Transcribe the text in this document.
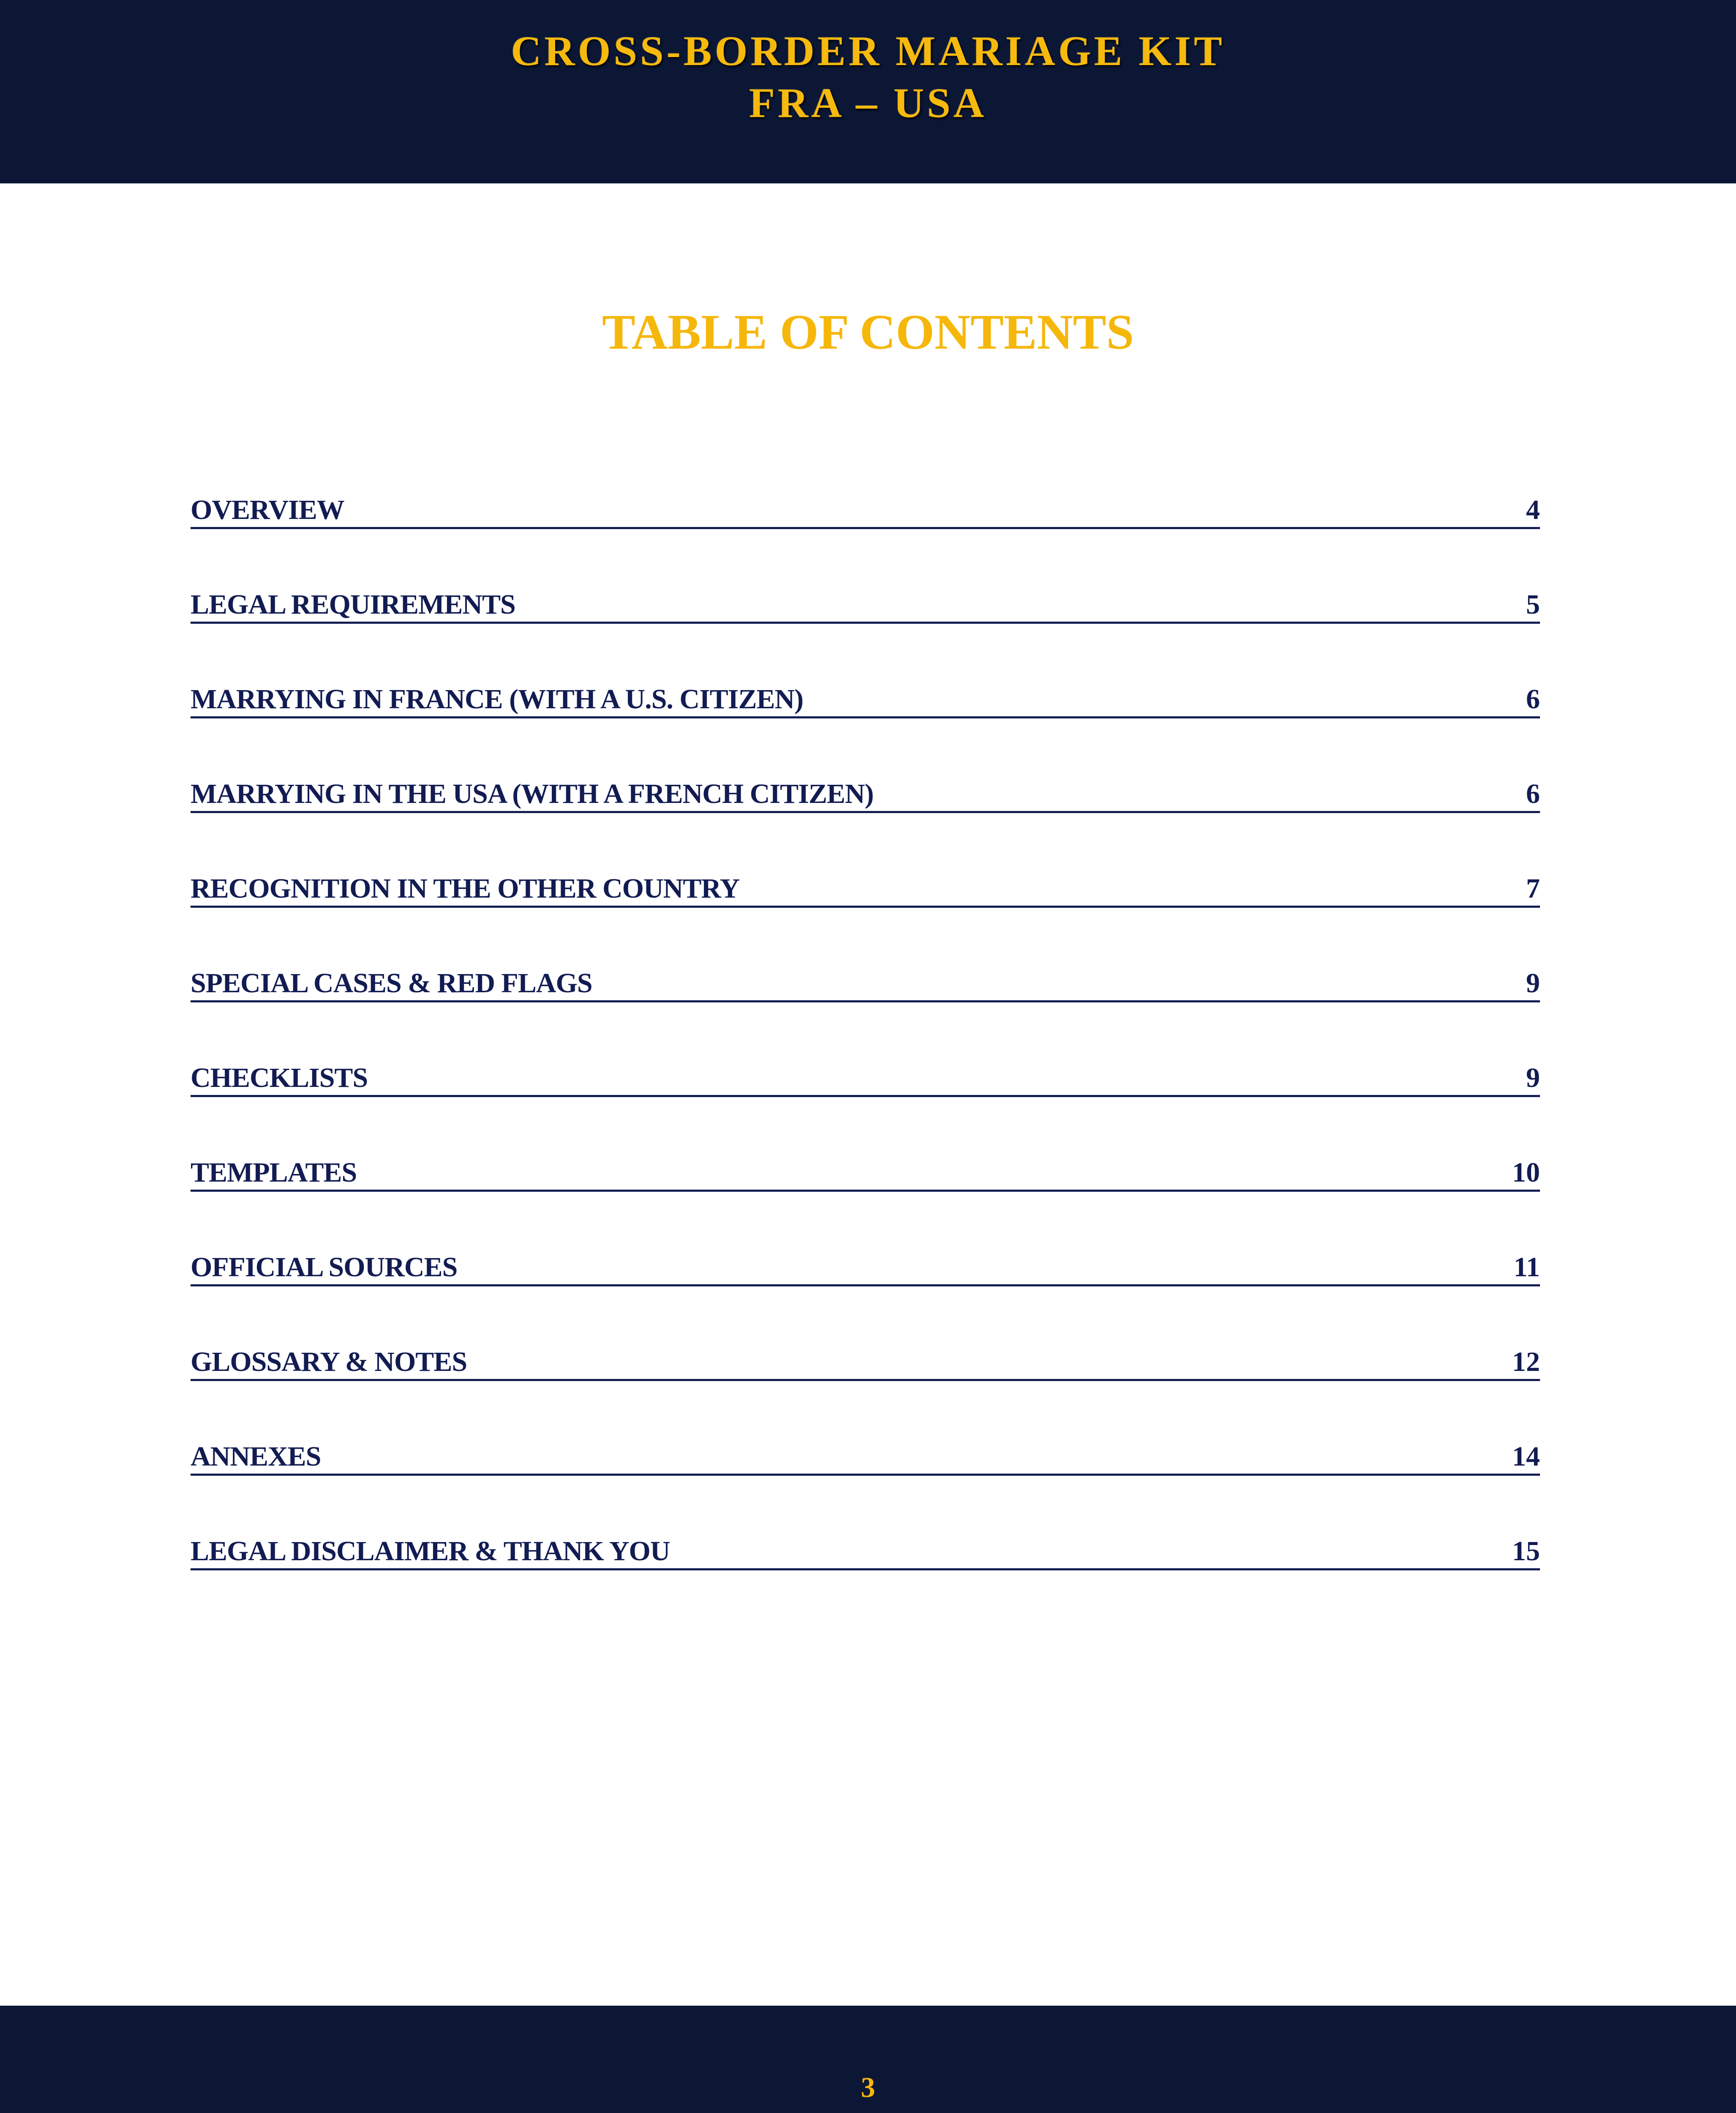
CROSS-BORDER MARIAGE KIT
FRA – USA
TABLE OF CONTENTS
OVERVIEW	4
LEGAL REQUIREMENTS	5
MARRYING IN FRANCE (WITH A U.S. CITIZEN)	6
MARRYING IN THE USA (WITH A FRENCH CITIZEN)	6
RECOGNITION IN THE OTHER COUNTRY	7
SPECIAL CASES & RED FLAGS	9
CHECKLISTS	9
TEMPLATES	10
OFFICIAL SOURCES	11
GLOSSARY & NOTES	12
ANNEXES	14
LEGAL DISCLAIMER & THANK YOU	15
3
